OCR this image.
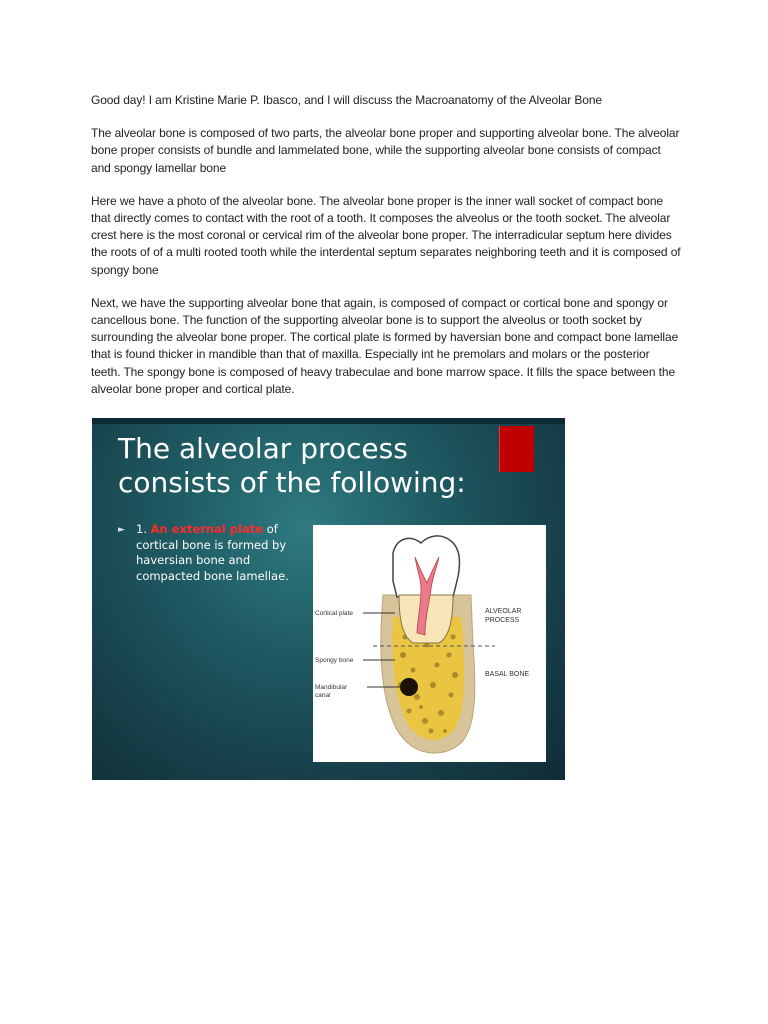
Good day! I am Kristine Marie P. Ibasco, and I will discuss the Macroanatomy of the Alveolar Bone

The alveolar bone is composed of two parts, the alveolar bone proper and supporting alveolar bone. The alveolar bone proper consists of bundle and lammelated bone, while the supporting alveolar bone consists of compact and spongy lamellar bone

Here we have a photo of the alveolar bone. The alveolar bone proper is the inner wall socket of compact bone that directly comes to contact with the root of a tooth. It composes the alveolus or the tooth socket. The alveolar crest here is the most coronal or cervical rim of the alveolar bone proper. The interradicular septum here divides the roots of of a multi rooted tooth while the interdental septum separates neighboring teeth and it is composed of spongy bone

Next, we have the supporting alveolar bone that again, is composed of compact or cortical bone and spongy or cancellous bone. The function of the supporting alveolar bone is to support the alveolus or tooth socket by surrounding the alveolar bone proper. The cortical plate is formed by haversian bone and compact bone lamellae that is found thicker in mandible than that of maxilla. Especially int he premolars and molars or the posterior teeth. The spongy bone is composed of heavy trabeculae and bone marrow space. It fills the space between the alveolar bone proper and cortical plate.

The alveolar process consists of the following:
► 1. An external plate of cortical bone is formed by haversian bone and compacted bone lamellae.
Cortical plate
Spongy bone
Mandibular
canal
ALVEOLAR
PROCESS
BASAL BONE
